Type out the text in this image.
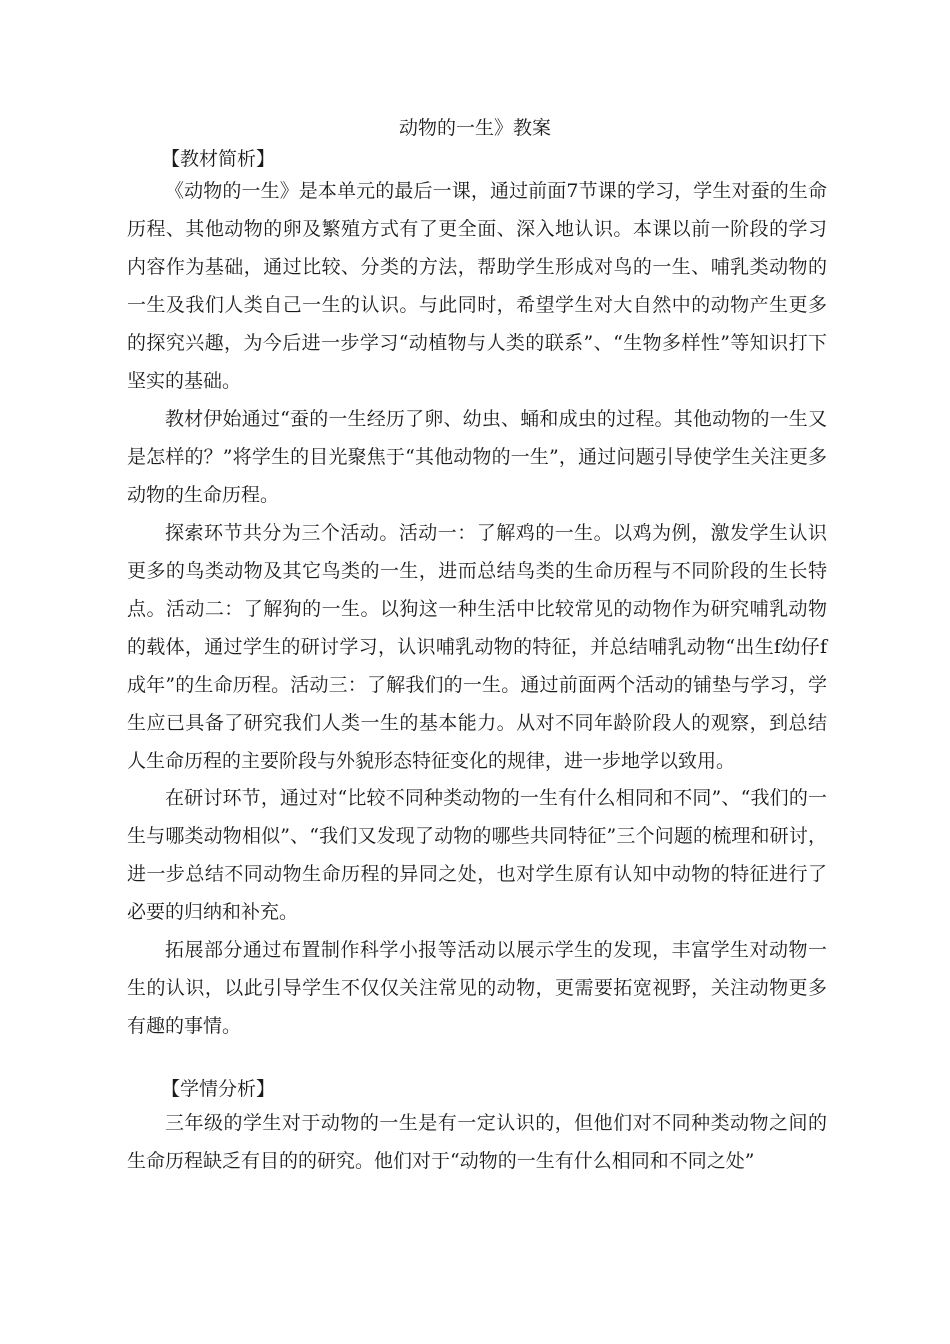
动物的一生》教案
【教材简析】

《动物的一生》是本单元的最后一课，通过前面7节课的学习，学生对蚕的生命历程、其他动物的卵及繁殖方式有了更全面、深入地认识。本课以前一阶段的学习内容作为基础，通过比较、分类的方法，帮助学生形成对鸟的一生、哺乳类动物的一生及我们人类自己一生的认识。与此同时，希望学生对大自然中的动物产生更多的探究兴趣，为今后进一步学习“动植物与人类的联系”、“生物多样性”等知识打下坚实的基础。

教材伊始通过“蚕的一生经历了卵、幼虫、蛹和成虫的过程。其他动物的一生又是怎样的？”将学生的目光聚焦于“其他动物的一生”，通过问题引导使学生关注更多动物的生命历程。

探索环节共分为三个活动。活动一：了解鸡的一生。以鸡为例，激发学生认识更多的鸟类动物及其它鸟类的一生，进而总结鸟类的生命历程与不同阶段的生长特点。活动二：了解狗的一生。以狗这一种生活中比较常见的动物作为研究哺乳动物的载体，通过学生的研讨学习，认识哺乳动物的特征，并总结哺乳动物“出生f幼仔f成年”的生命历程。活动三：了解我们的一生。通过前面两个活动的铺垫与学习，学生应已具备了研究我们人类一生的基本能力。从对不同年龄阶段人的观察，到总结人生命历程的主要阶段与外貌形态特征变化的规律，进一步地学以致用。

在研讨环节，通过对“比较不同种类动物的一生有什么相同和不同”、“我们的一生与哪类动物相似”、“我们又发现了动物的哪些共同特征”三个问题的梳理和研讨，进一步总结不同动物生命历程的异同之处，也对学生原有认知中动物的特征进行了必要的归纳和补充。

拓展部分通过布置制作科学小报等活动以展示学生的发现，丰富学生对动物一生的认识，以此引导学生不仅仅关注常见的动物，更需要拓宽视野，关注动物更多有趣的事情。

【学情分析】

三年级的学生对于动物的一生是有一定认识的，但他们对不同种类动物之间的生命历程缺乏有目的的研究。他们对于“动物的一生有什么相同和不同之处”
